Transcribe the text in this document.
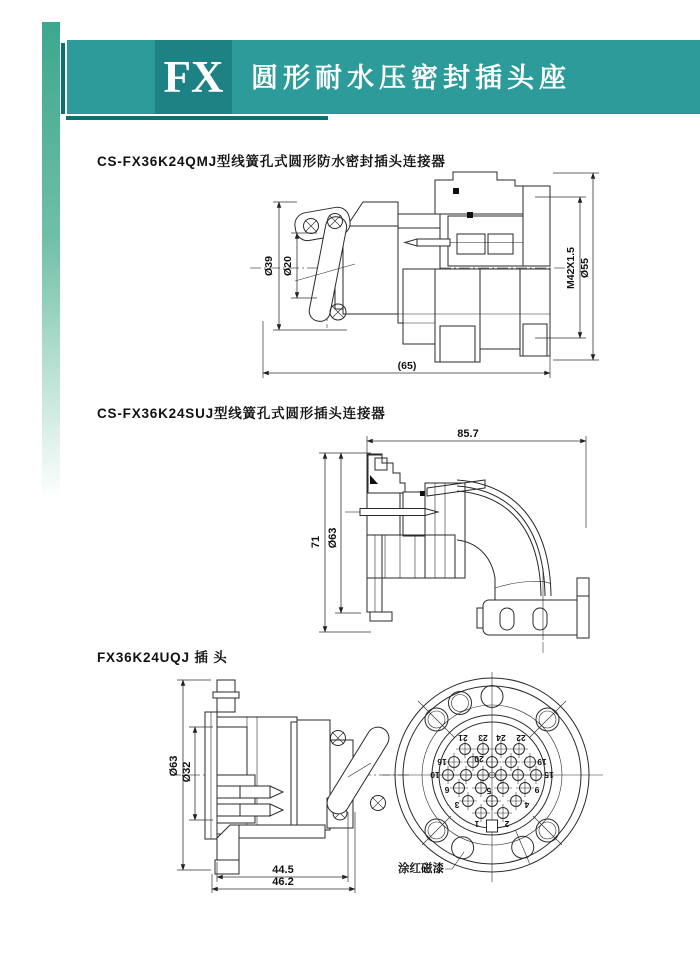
FX 圆形耐水压密封插头座
CS-FX36K24QMJ型线簧孔式圆形防水密封插头连接器
CS-FX36K24SUJ型线簧孔式圆形插头连接器
FX36K24UQJ 插 头
Ø39 Ø20	M42X1.5 Ø55
(65)
85.7
71 Ø63
Ø63 Ø32
44.5
46.2
21 23 24 22
16	20	19
10	15
6	9
3
5
4
1	2
涂红磁漆
